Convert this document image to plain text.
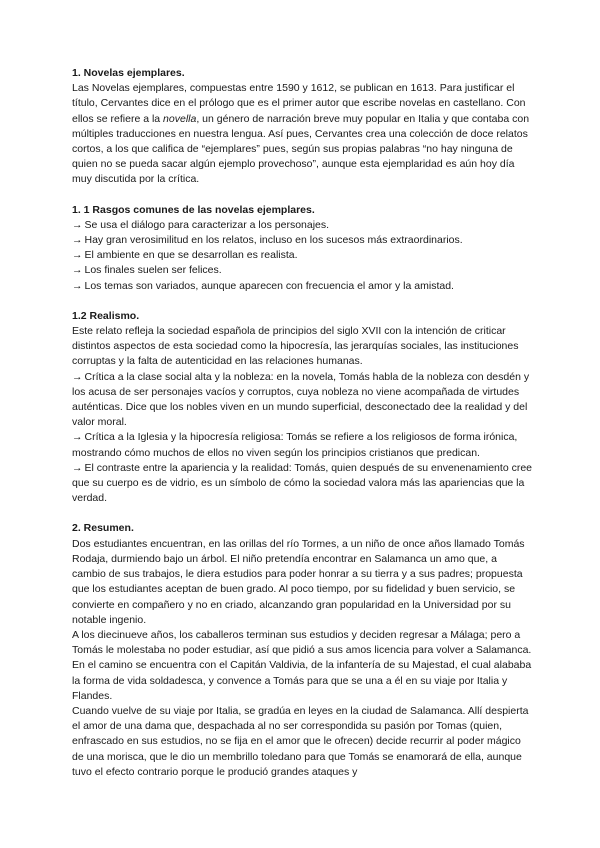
1. Novelas ejemplares.

Las Novelas ejemplares, compuestas entre 1590 y 1612, se publican en 1613. Para justificar el título, Cervantes dice en el prólogo que es el primer autor que escribe novelas en castellano. Con ellos se refiere a la novella, un género de narración breve muy popular en Italia y que contaba con múltiples traducciones en nuestra lengua. Así pues, Cervantes crea una colección de doce relatos cortos, a los que califica de “ejemplares” pues, según sus propias palabras “no hay ninguna de quien no se pueda sacar algún ejemplo provechoso”, aunque esta ejemplaridad es aún hoy día muy discutida por la crítica.

1. 1 Rasgos comunes de las novelas ejemplares.

→ Se usa el diálogo para caracterizar a los personajes.
→ Hay gran verosimilitud en los relatos, incluso en los sucesos más extraordinarios.
→ El ambiente en que se desarrollan es realista.
→ Los finales suelen ser felices.
→ Los temas son variados, aunque aparecen con frecuencia el amor y la amistad.

1.2 Realismo.

Este relato refleja la sociedad española de principios del siglo XVII con la intención de criticar distintos aspectos de esta sociedad como la hipocresía, las jerarquías sociales, las instituciones corruptas y la falta de autenticidad en las relaciones humanas.

→ Crítica a la clase social alta y la nobleza: en la novela, Tomás habla de la nobleza con desdén y los acusa de ser personajes vacíos y corruptos, cuya nobleza no viene acompañada de virtudes auténticas. Dice que los nobles viven en un mundo superficial, desconectado dee la realidad y del valor moral.

→ Crítica a la Iglesia y la hipocresía religiosa: Tomás se refiere a los religiosos de forma irónica, mostrando cómo muchos de ellos no viven según los principios cristianos que predican.

→ El contraste entre la apariencia y la realidad: Tomás, quien después de su envenenamiento cree que su cuerpo es de vidrio, es un símbolo de cómo la sociedad valora más las apariencias que la verdad.

2. Resumen.

Dos estudiantes encuentran, en las orillas del río Tormes, a un niño de once años llamado Tomás Rodaja, durmiendo bajo un árbol. El niño pretendía encontrar en Salamanca un amo que, a cambio de sus trabajos, le diera estudios para poder honrar a su tierra y a sus padres; propuesta que los estudiantes aceptan de buen grado. Al poco tiempo, por su fidelidad y buen servicio, se convierte en compañero y no en criado, alcanzando gran popularidad en la Universidad por su notable ingenio.

A los diecinueve años, los caballeros terminan sus estudios y deciden regresar a Málaga; pero a Tomás le molestaba no poder estudiar, así que pidió a sus amos licencia para volver a Salamanca. En el camino se encuentra con el Capitán Valdivia, de la infantería de su Majestad, el cual alababa la forma de vida soldadesca, y convence a Tomás para que se una a él en su viaje por Italia y Flandes.

Cuando vuelve de su viaje por Italia, se gradúa en leyes en la ciudad de Salamanca. Allí despierta el amor de una dama que, despachada al no ser correspondida su pasión por Tomas (quien, enfrascado en sus estudios, no se fija en el amor que le ofrecen) decide recurrir al poder mágico de una morisca, que le dio un membrillo toledano para que Tomás se enamorará de ella, aunque tuvo el efecto contrario porque le produció grandes ataques y
